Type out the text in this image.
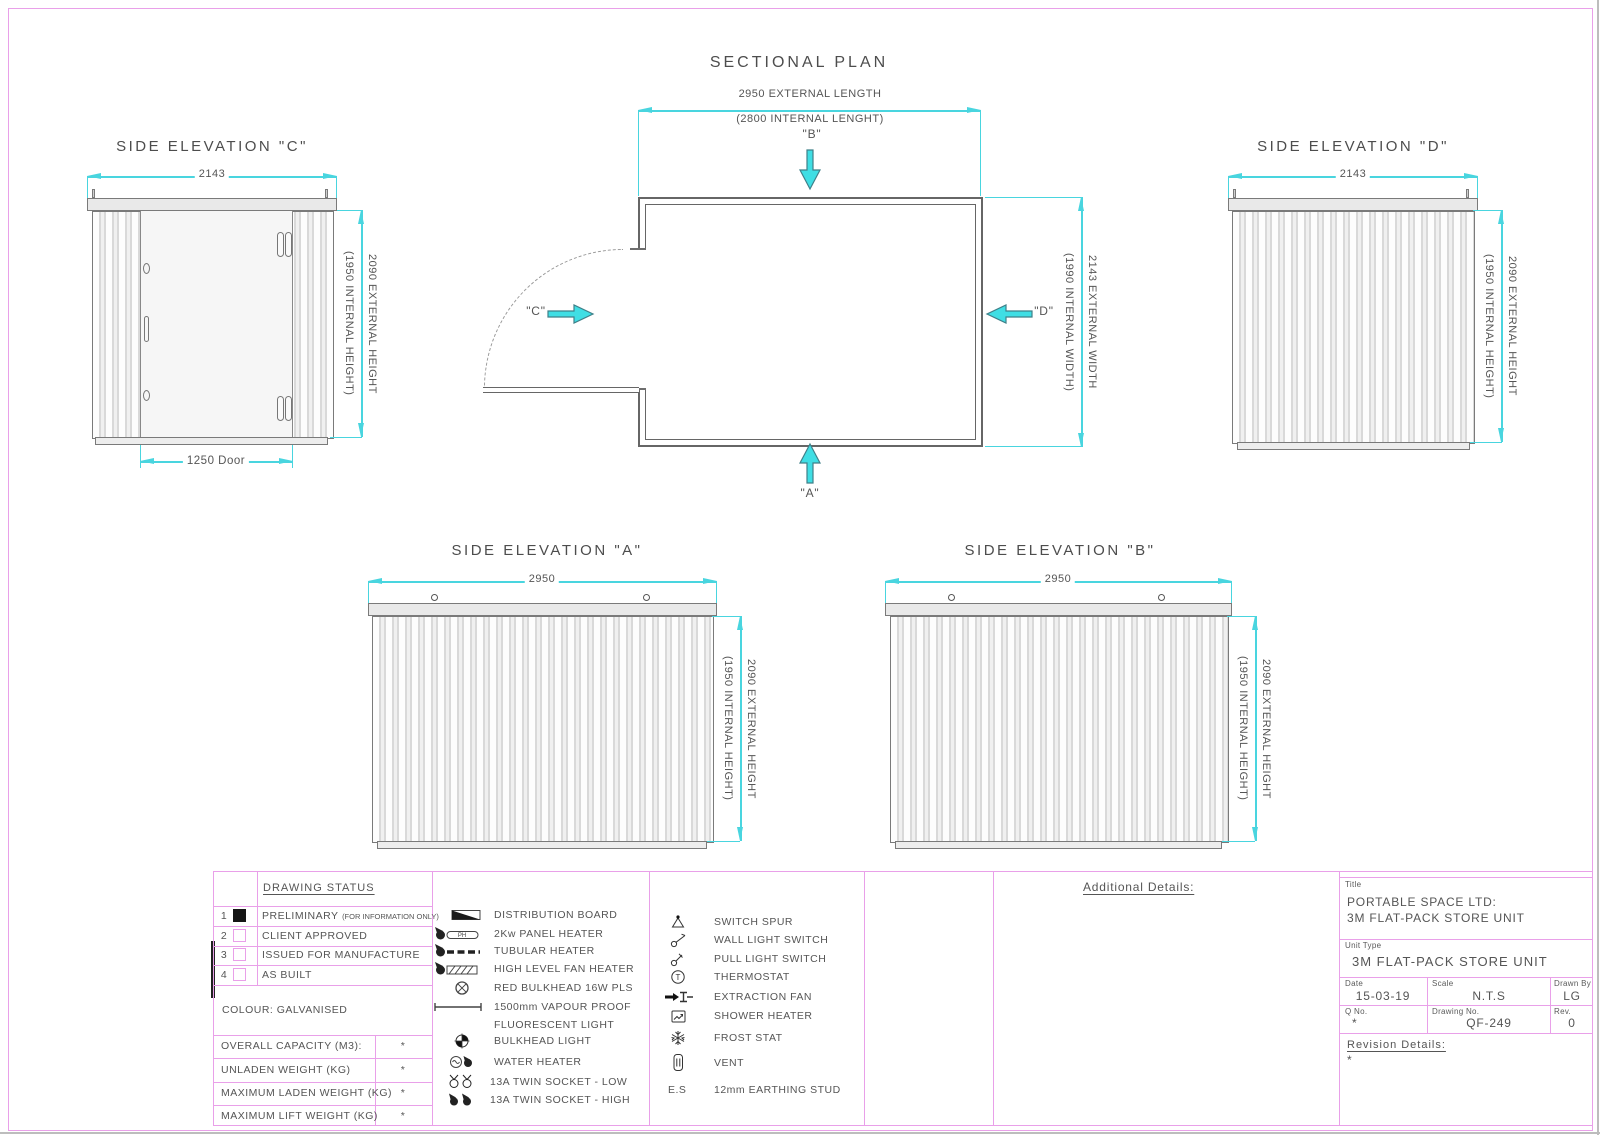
SECTIONAL PLAN
2950 EXTERNAL LENGTH
(2800 INTERNAL LENGHT)
"B"
"A"
"C"	"D"	2143 EXTERNAL WIDTH
(1990 INTERNAL WIDTH)
SIDE ELEVATION "C"
2143
2090 EXTERNAL HEIGHT
(1950 INTERNAL HEIGHT)
1250 Door
SIDE ELEVATION "D"
2143
2090 EXTERNAL HEIGHT
(1950 INTERNAL HEIGHT)
SIDE ELEVATION "A"
2950
2090 EXTERNAL HEIGHT
(1950 INTERNAL HEIGHT)
SIDE ELEVATION "B"
2950
2090 EXTERNAL HEIGHT
(1950 INTERNAL HEIGHT)
DRAWING STATUS
1	PRELIMINARY (FOR INFORMATION ONLY)
2	CLIENT APPROVED
3	ISSUED FOR MANUFACTURE
4	AS BUILT
COLOUR: GALVANISED
OVERALL CAPACITY (M3):	*
UNLADEN WEIGHT (KG)	*
MAXIMUM LADEN WEIGHT (KG) *
MAXIMUM LIFT WEIGHT (KG) *
DISTRIBUTION BOARD
PH	2Kw PANEL HEATER
TUBULAR HEATER
HIGH LEVEL FAN HEATER
RED BULKHEAD 16W PLS
1500mm VAPOUR PROOF
FLUORESCENT LIGHT
BULKHEAD LIGHT
WATER HEATER
13A TWIN SOCKET - LOW
13A TWIN SOCKET - HIGH
SWITCH SPUR
WALL LIGHT SWITCH
PULL LIGHT SWITCH
T	THERMOSTAT
EXTRACTION FAN
SHOWER HEATER
FROST STAT
VENT
E.S	12mm EARTHING STUD
Additional Details:	Title
PORTABLE SPACE LTD:
3M FLAT-PACK STORE UNIT
Unit Type
3M FLAT-PACK STORE UNIT
Date
15-03-19
Scale
N.T.S
Drawn By
LG
Q No.
*
Drawing No.
QF-249
Rev.
0
Revision Details:
*
